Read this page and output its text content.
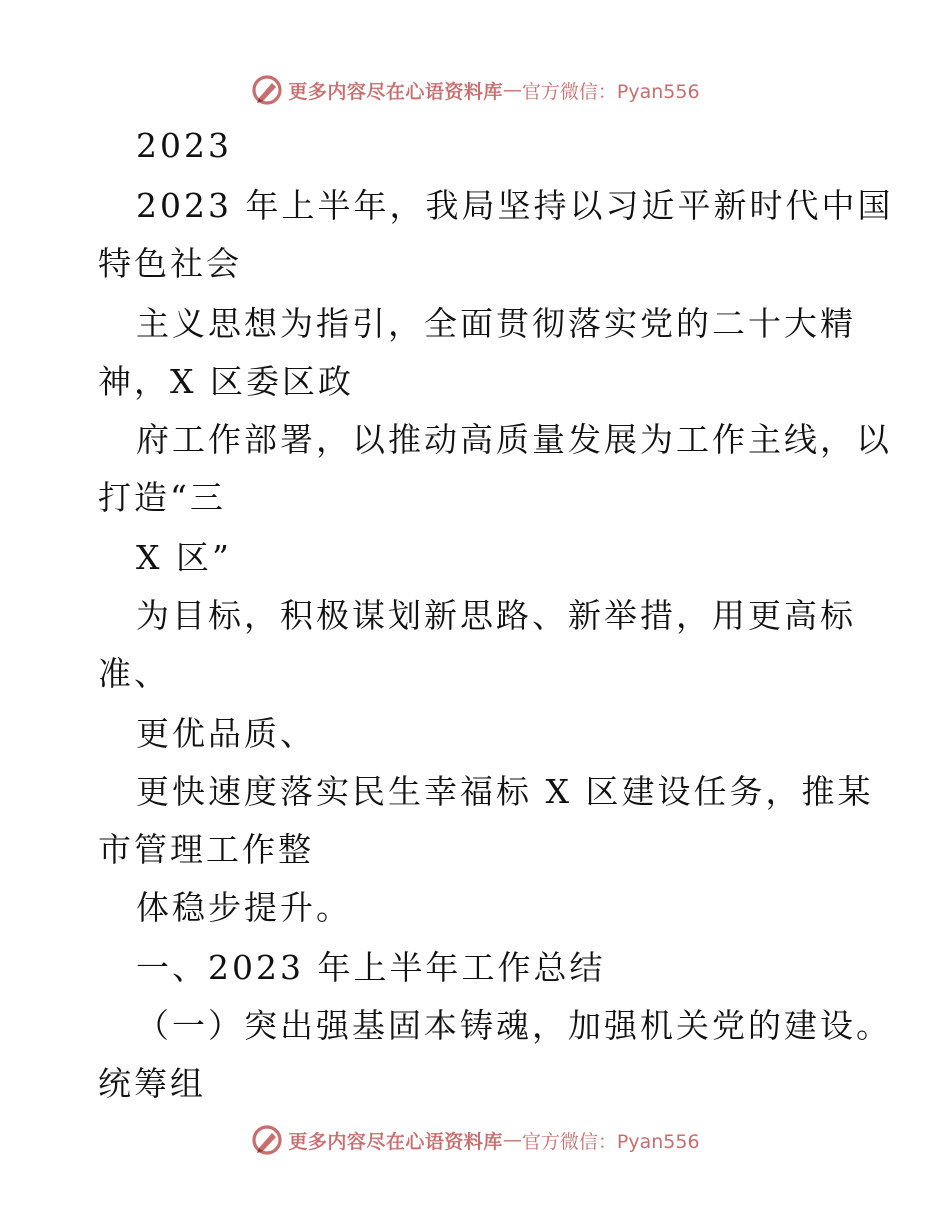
更多内容尽在心语资料库 — 官方微信：Pyan556
2023
2023 年上半年，我局坚持以习近平新时代中国
特色社会
主义思想为指引，全面贯彻落实党的二十大精
神，X 区委区政
府工作部署，以推动高质量发展为工作主线，以
打造“三
X 区”
为目标，积极谋划新思路、新举措，用更高标
准、
更优品质、
更快速度落实民生幸福标 X 区建设任务，推某
市管理工作整
体稳步提升。
一、2023 年上半年工作总结
（一）突出强基固本铸魂，加强机关党的建设。
统筹组
更多内容尽在心语资料库 — 官方微信：Pyan556
